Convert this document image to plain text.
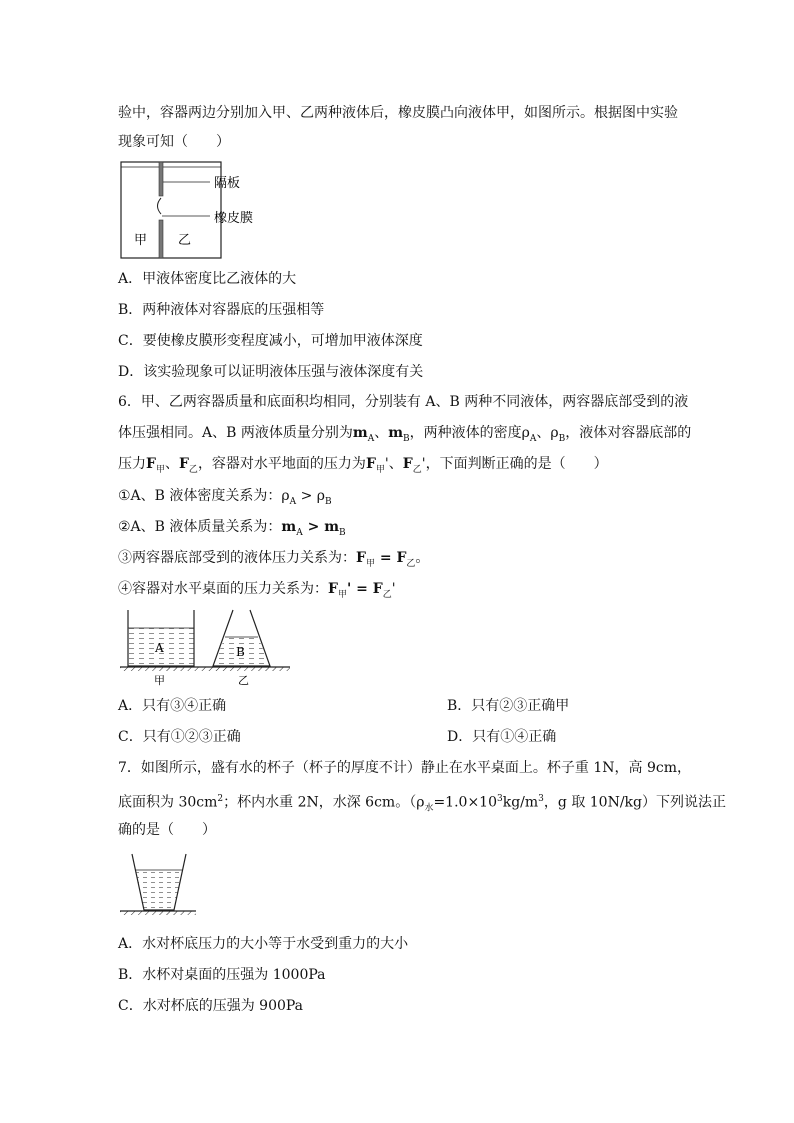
验中，容器两边分别加入甲、乙两种液体后，橡皮膜凸向液体甲，如图所示。根据图中实验
现象可知（　　）
隔板
橡皮膜
甲 乙
A．甲液体密度比乙液体的大
B．两种液体对容器底的压强相等
C．要使橡皮膜形变程度减小，可增加甲液体深度
D．该实验现象可以证明液体压强与液体深度有关
6．甲、乙两容器质量和底面积均相同，分别装有 A、B 两种不同液体，两容器底部受到的液
体压强相同。A、B 两液体质量分别为$m_A$、$m_B$，两种液体的密度$\rho_A$、$\rho_B$，液体对容器底部的
压力$F_甲$、$F_乙$，容器对水平地面的压力为$F_甲'$、$F_乙'$，下面判断正确的是（　　）
①A、B 液体密度关系为：$\rho_A > \rho_B$
②A、B 液体质量关系为：$m_A > m_B$
③两容器底部受到的液体压力关系为：$F_甲 = F_乙$。
④容器对水平桌面的压力关系为：$F_甲' = F_乙'$
A	B
甲	乙
A．只有③④正确	B．只有②③正确甲
C．只有①②③正确	D．只有①④正确
7．如图所示，盛有水的杯子（杯子的厚度不计）静止在水平桌面上。杯子重 1N，高 9cm，
底面积为 $30cm^2$；杯内水重 2N，水深 6cm。（$\rho_水=1.0\times 10^3kg/m^3$，g 取 10N/kg）下列说法正
确的是（　　）
A．水对杯底压力的大小等于水受到重力的大小
B．水杯对桌面的压强为 1000Pa
C．水对杯底的压强为 900Pa
